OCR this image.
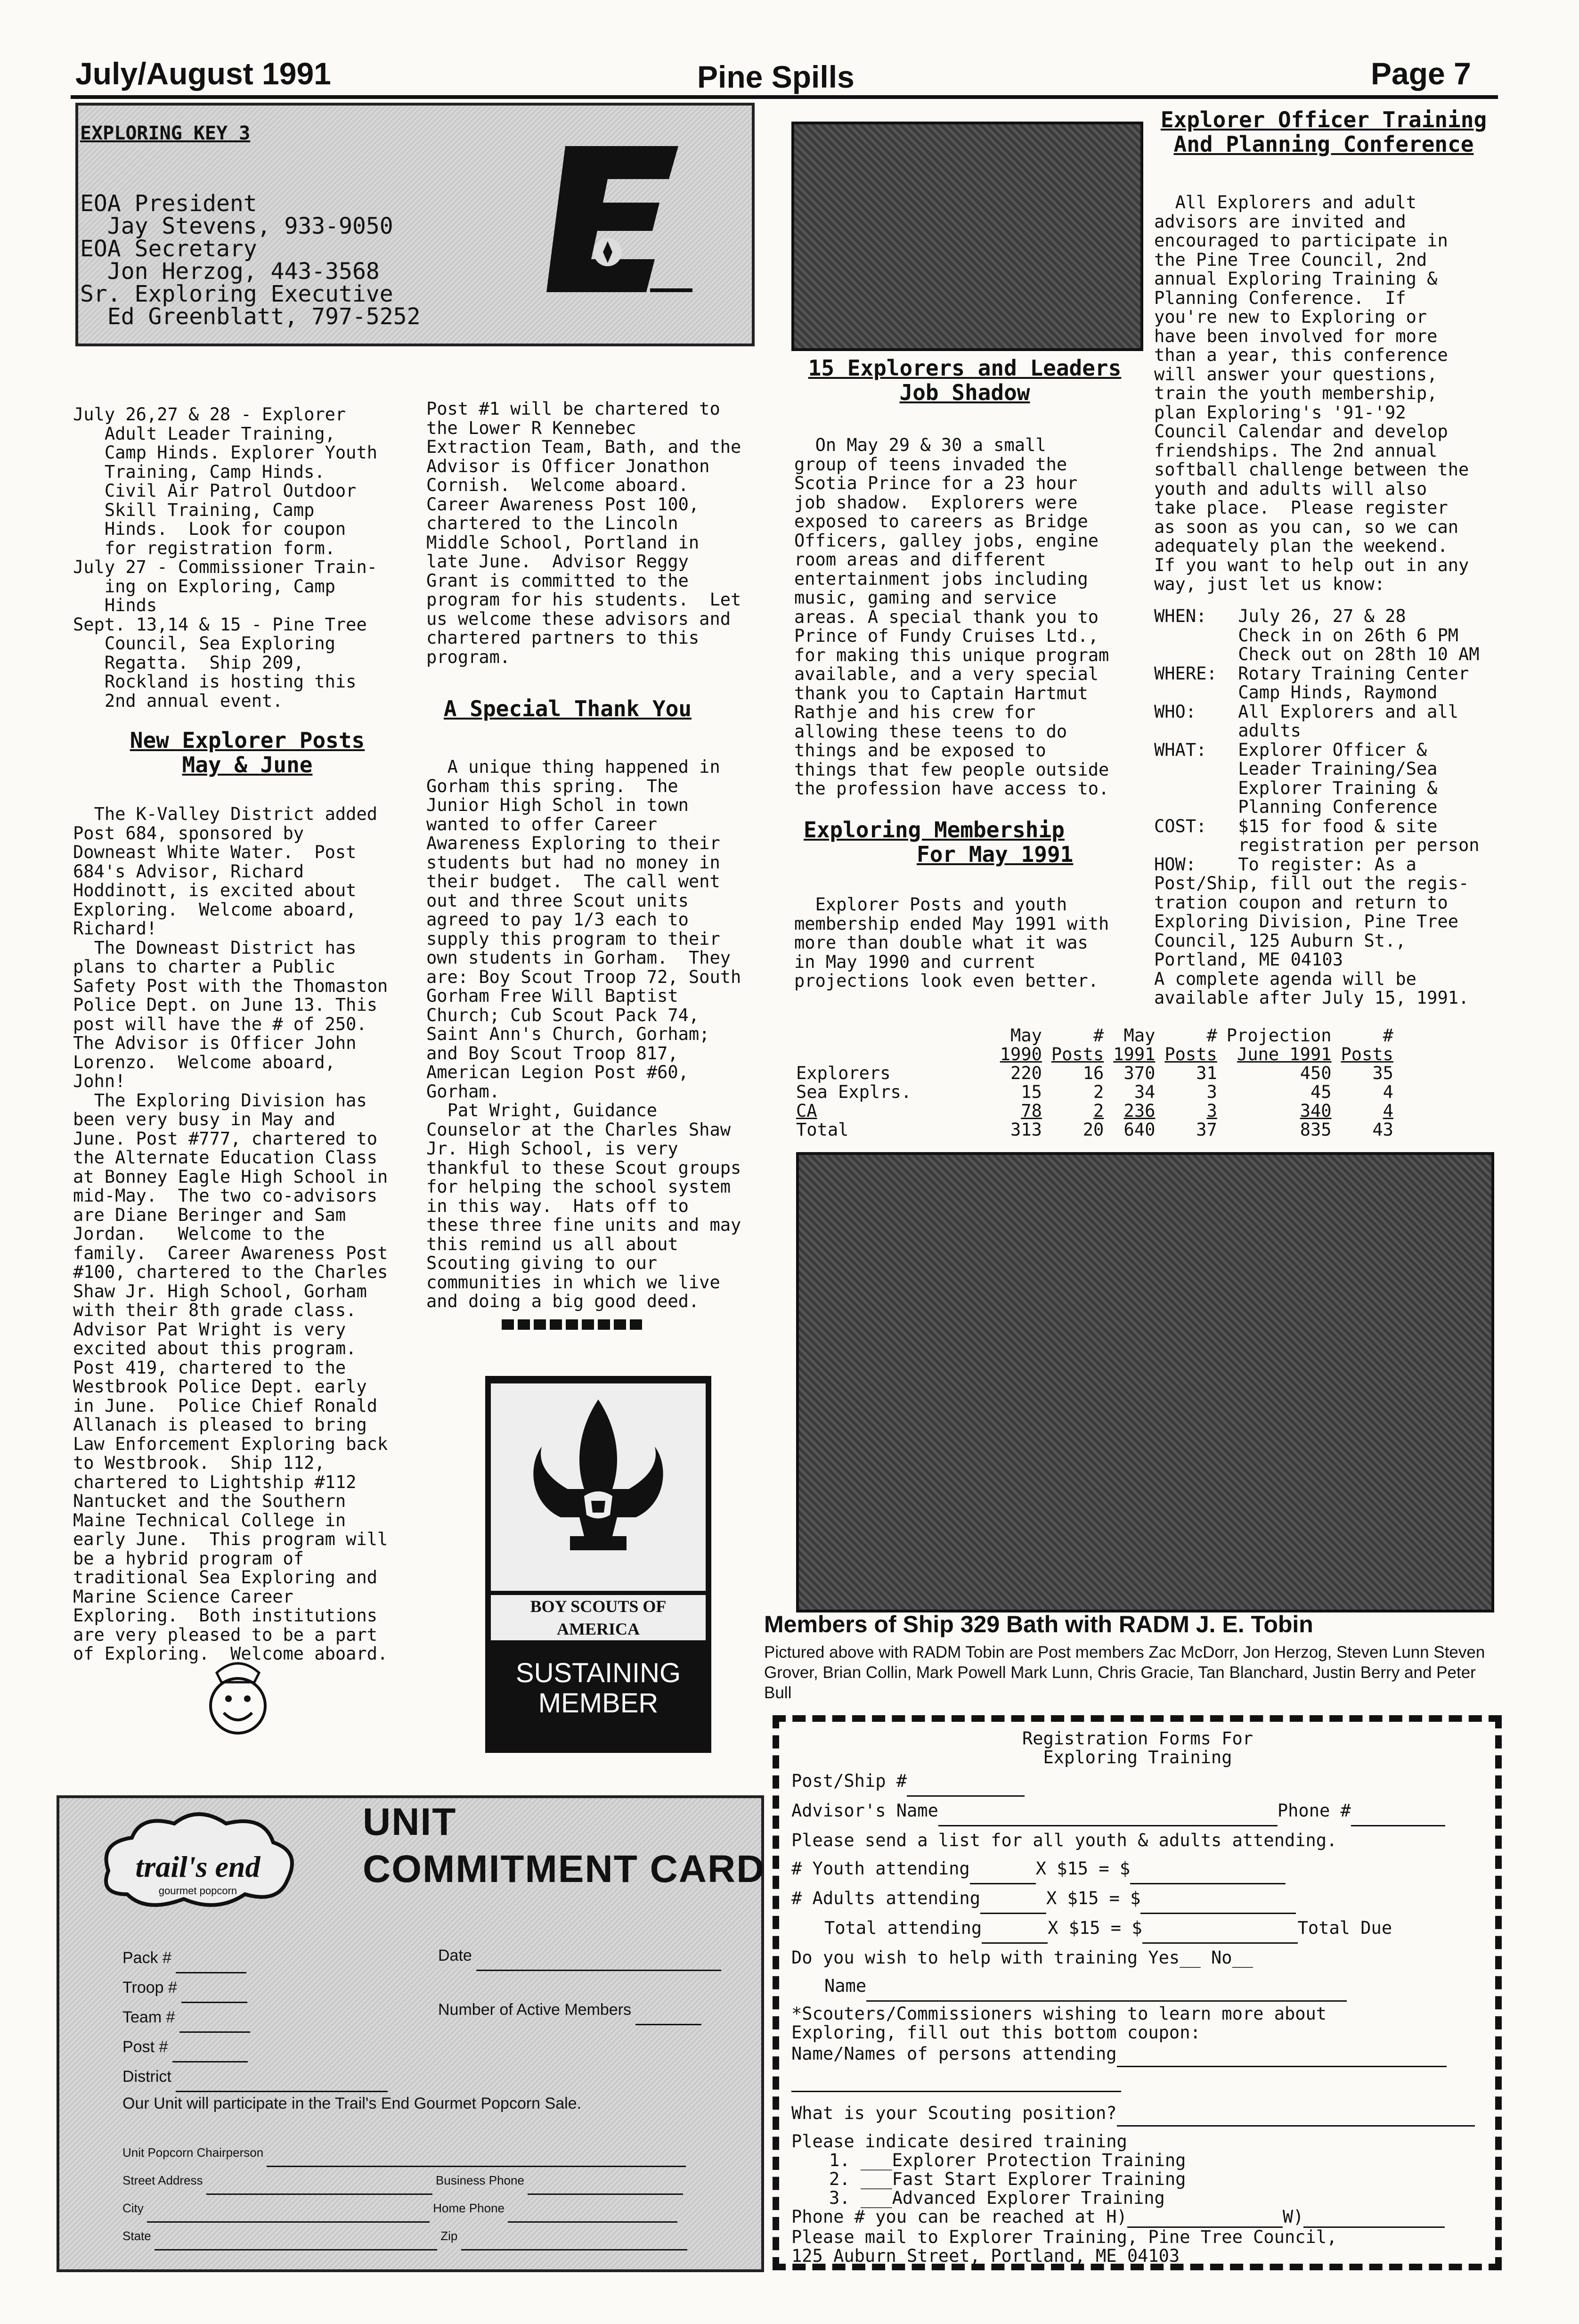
July/August 1991	Pine Spills	Page 7
EXPLORING KEY 3
EOA President
Jay Stevens, 933-9050
EOA Secretary
Jon Herzog, 443-3568
Sr. Exploring Executive
Ed Greenblatt, 797-5252
July 26,27 & 28 - Explorer
Adult Leader Training,
Camp Hinds. Explorer Youth
Training, Camp Hinds.
Civil Air Patrol Outdoor
Skill Training, Camp
Hinds.  Look for coupon
for registration form.
July 27 - Commissioner Train-
ing on Exploring, Camp
Hinds
Sept. 13,14 & 15 - Pine Tree
Council, Sea Exploring
Regatta.  Ship 209,
Rockland is hosting this
2nd annual event.

New Explorer Posts

May & June

The K-Valley District added
Post 684, sponsored by
Downeast White Water.  Post
684's Advisor, Richard
Hoddinott, is excited about
Exploring.  Welcome aboard,
Richard!
The Downeast District has
plans to charter a Public
Safety Post with the Thomaston
Police Dept. on June 13. This
post will have the # of 250.
The Advisor is Officer John
Lorenzo.  Welcome aboard,
John!
The Exploring Division has
been very busy in May and
June. Post #777, chartered to
the Alternate Education Class
at Bonney Eagle High School in
mid-May.  The two co-advisors
are Diane Beringer and Sam
Jordan.   Welcome to the
family.  Career Awareness Post
#100, chartered to the Charles
Shaw Jr. High School, Gorham
with their 8th grade class.
Advisor Pat Wright is very
excited about this program.
Post 419, chartered to the
Westbrook Police Dept. early
in June.  Police Chief Ronald
Allanach is pleased to bring
Law Enforcement Exploring back
to Westbrook.  Ship 112,
chartered to Lightship #112
Nantucket and the Southern
Maine Technical College in
early June.  This program will
be a hybrid program of
traditional Sea Exploring and
Marine Science Career
Exploring.  Both institutions
are very pleased to be a part
of Exploring.  Welcome aboard.
Post #1 will be chartered to
the Lower R Kennebec
Extraction Team, Bath, and the
Advisor is Officer Jonathon
Cornish.  Welcome aboard.
Career Awareness Post 100,
chartered to the Lincoln
Middle School, Portland in
late June.  Advisor Reggy
Grant is committed to the
program for his students.  Let
us welcome these advisors and
chartered partners to this
program.

A Special Thank You

A unique thing happened in
Gorham this spring.  The
Junior High Schol in town
wanted to offer Career
Awareness Exploring to their
students but had no money in
their budget.  The call went
out and three Scout units
agreed to pay 1/3 each to
supply this program to their
own students in Gorham.  They
are: Boy Scout Troop 72, South
Gorham Free Will Baptist
Church; Cub Scout Pack 74,
Saint Ann's Church, Gorham;
and Boy Scout Troop 817,
American Legion Post #60,
Gorham.
Pat Wright, Guidance
Counselor at the Charles Shaw
Jr. High School, is very
thankful to these Scout groups
for helping the school system
in this way.  Hats off to
these three fine units and may
this remind us all about
Scouting giving to our
communities in which we live
and doing a big good deed.
BOY SCOUTS OF AMERICA
SUSTAINING
MEMBER

15 Explorers and Leaders

Job Shadow

On May 29 & 30 a small
group of teens invaded the
Scotia Prince for a 23 hour
job shadow.  Explorers were
exposed to careers as Bridge
Officers, galley jobs, engine
room areas and different
entertainment jobs including
music, gaming and service
areas. A special thank you to
Prince of Fundy Cruises Ltd.,
for making this unique program
available, and a very special
thank you to Captain Hartmut
Rathje and his crew for
allowing these teens to do
things and be exposed to
things that few people outside
the profession have access to.

Exploring Membership

For May 1991

Explorer Posts and youth
membership ended May 1991 with
more than double what it was
in May 1990 and current
projections look even better.

Explorer Officer Training

And Planning Conference

All Explorers and adult
advisors are invited and
encouraged to participate in
the Pine Tree Council, 2nd
annual Exploring Training &
Planning Conference.  If
you're new to Exploring or
have been involved for more
than a year, this conference
will answer your questions,
train the youth membership,
plan Exploring's '91-'92
Council Calendar and develop
friendships. The 2nd annual
softball challenge between the
youth and adults will also
take place.  Please register
as soon as you can, so we can
adequately plan the weekend.
If you want to help out in any
way, just let us know:
WHEN:   July 26, 27 & 28
Check in on 26th 6 PM
Check out on 28th 10 AM
WHERE:  Rotary Training Center
Camp Hinds, Raymond
WHO:    All Explorers and all
adults
WHAT:   Explorer Officer &
Leader Training/Sea
Explorer Training &
Planning Conference
COST:   $15 for food & site
registration per person
HOW:    To register: As a
Post/Ship, fill out the regis-
tration coupon and return to
Exploring Division, Pine Tree
Council, 125 Auburn St.,
Portland, ME 04103
A complete agenda will be
available after July 15, 1991.
	May	#	May	#	Projection	#
	1990	Posts	1991	Posts	June 1991	Posts
Explorers	220	16	370	31	450	35
Sea Explrs.	15	2	34	3	45	4
CA	78	2	236	3	340	4
Total	313	20	640	37	835	43
Members of Ship 329 Bath with RADM J. E. Tobin
Pictured above with RADM Tobin are Post members Zac McDorr, Jon Herzog, Steven Lunn Steven Grover, Brian Collin, Mark Powell Mark Lunn, Chris Gracie, Tan Blanchard, Justin Berry and Peter Bull
Registration Forms For
Exploring Training
Post/Ship #
Advisor's Name	Phone #
Please send a list for all youth & adults attending.
# Youth attending	X $15 = $
# Adults attending	X $15 = $
Total attending	X $15 = $	Total Due
Do you wish to help with training Yes__ No__
Name
*Scouters/Commissioners wishing to learn more about
Exploring, fill out this bottom coupon:
Name/Names of persons attending

What is your Scouting position?
Please indicate desired training
1. ___Explorer Protection Training
2. ___Fast Start Explorer Training
3. ___Advanced Explorer Training
Phone # you can be reached at H)	W)
Please mail to Explorer Training, Pine Tree Council,
125 Auburn Street, Portland, ME 04103
trail's end
gourmet popcorn
UNIT
COMMITMENT CARD
Pack #
Troop #
Team #
Post #
District
Date
Number of Active Members
Our Unit will participate in the Trail's End Gourmet Popcorn Sale.
Unit Popcorn Chairperson
Street Address	Business Phone
City	Home Phone
State	Zip
